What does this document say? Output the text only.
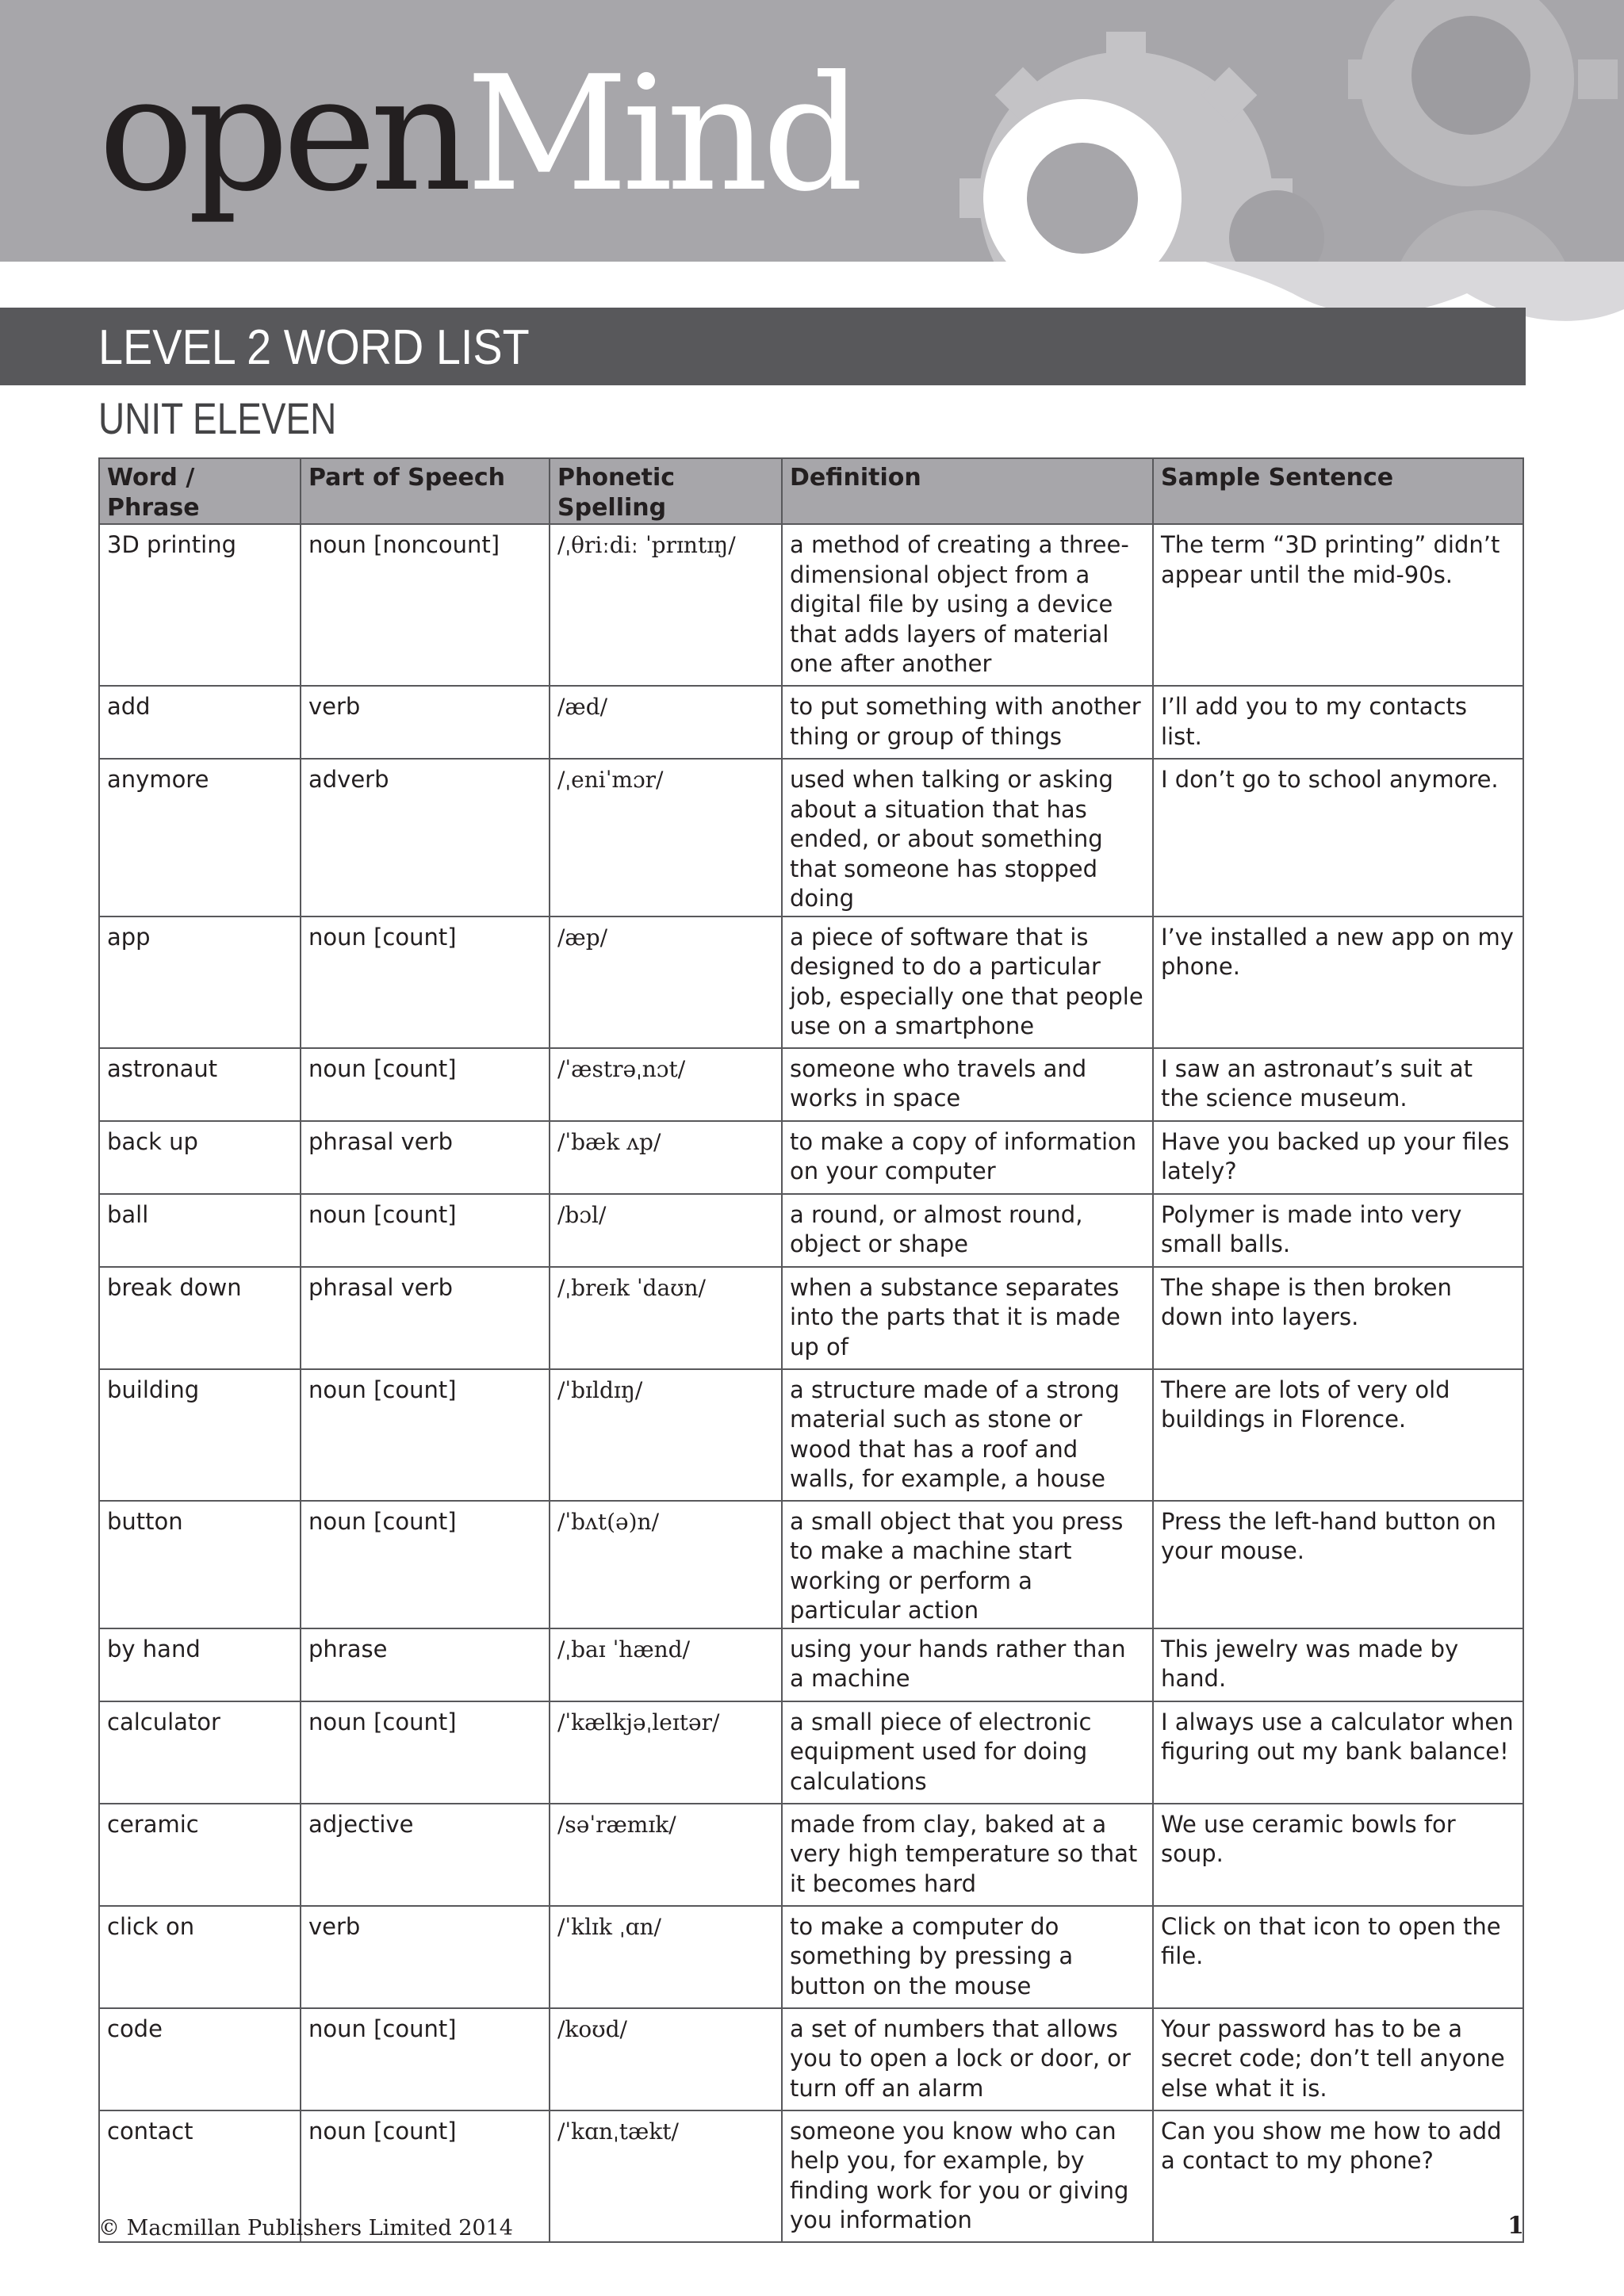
openMind
LEVEL 2 WORD LIST
UNIT ELEVEN
Word / Phrase	Part of Speech	Phonetic Spelling	Definition	Sample Sentence
3D printing	noun [noncount]	/ˌθriːdiː ˈprɪntɪŋ/	a method of creating a three-dimensional object from a digital file by using a device that adds layers of material one after another	The term “3D printing” didn’t appear until the mid-90s.
add	verb	/æd/	to put something with another thing or group of things	I’ll add you to my contacts list.
anymore	adverb	/ˌeniˈmɔr/	used when talking or asking about a situation that has ended, or about something that someone has stopped doing	I don’t go to school anymore.
app	noun [count]	/æp/	a piece of software that is designed to do a particular job, especially one that people use on a smartphone	I’ve installed a new app on my phone.
astronaut	noun [count]	/ˈæstrəˌnɔt/	someone who travels and works in space	I saw an astronaut’s suit at the science museum.
back up	phrasal verb	/ˈbæk ʌp/	to make a copy of information on your computer	Have you backed up your files lately?
ball	noun [count]	/bɔl/	a round, or almost round, object or shape	Polymer is made into very small balls.
break down	phrasal verb	/ˌbreɪk ˈdaʊn/	when a substance separates into the parts that it is made up of	The shape is then broken down into layers.
building	noun [count]	/ˈbɪldɪŋ/	a structure made of a strong material such as stone or wood that has a roof and walls, for example, a house	There are lots of very old buildings in Florence.
button	noun [count]	/ˈbʌt(ə)n/	a small object that you press to make a machine start working or perform a particular action	Press the left-hand button on your mouse.
by hand	phrase	/ˌbaɪ ˈhænd/	using your hands rather than a machine	This jewelry was made by hand.
calculator	noun [count]	/ˈkælkjəˌleɪtər/	a small piece of electronic equipment used for doing calculations	I always use a calculator when figuring out my bank balance!
ceramic	adjective	/səˈræmɪk/	made from clay, baked at a very high temperature so that it becomes hard	We use ceramic bowls for soup.
click on	verb	/ˈklɪk ˌɑn/	to make a computer do something by pressing a button on the mouse	Click on that icon to open the file.
code	noun [count]	/koʊd/	a set of numbers that allows you to open a lock or door, or turn off an alarm	Your password has to be a secret code; don’t tell anyone else what it is.
contact	noun [count]	/ˈkɑnˌtækt/	someone you know who can help you, for example, by finding work for you or giving you information	Can you show me how to add a contact to my phone?
© Macmillan Publishers Limited 2014	1
